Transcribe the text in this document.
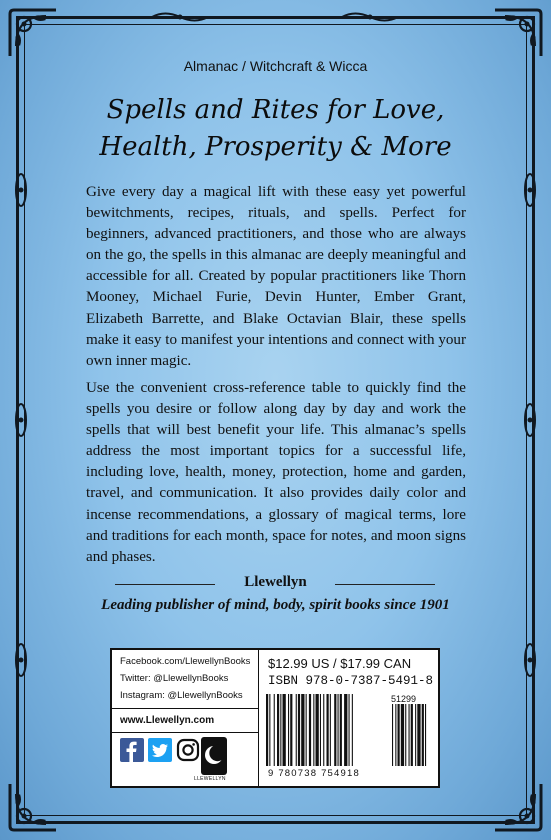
Almanac / Witchcraft & Wicca
Spells and Rites for Love,
Health, Prosperity & More

Give every day a magical lift with these easy yet powerful bewitchments, recipes, rituals, and spells. Perfect for beginners, advanced practitioners, and those who are always on the go, the spells in this almanac are deeply meaningful and accessible for all. Created by popular practitioners like Thorn Mooney, Michael Furie, Devin Hunter, Ember Grant, Elizabeth Barrette, and Blake Octavian Blair, these spells make it easy to manifest your intentions and connect with your own inner magic.

Use the convenient cross-reference table to quickly find the spells you desire or follow along day by day and work the spells that will best benefit your life. This almanac’s spells address the most important topics for a successful life, including love, health, money, protection, home and garden, travel, and communication. It also provides daily color and incense recommendations, a glossary of magical terms, lore and traditions for each month, space for notes, and moon signs and phases.

Llewellyn
Leading publisher of mind, body, spirit books since 1901
Facebook.com/LlewellynBooks
Twitter: @LlewellynBooks
Instagram: @LlewellynBooks
www.Llewellyn.com
LLEWELLYN
$12.99 US / $17.99 CAN
ISBN 978-0-7387-5491-8
51299
9 780738 754918
